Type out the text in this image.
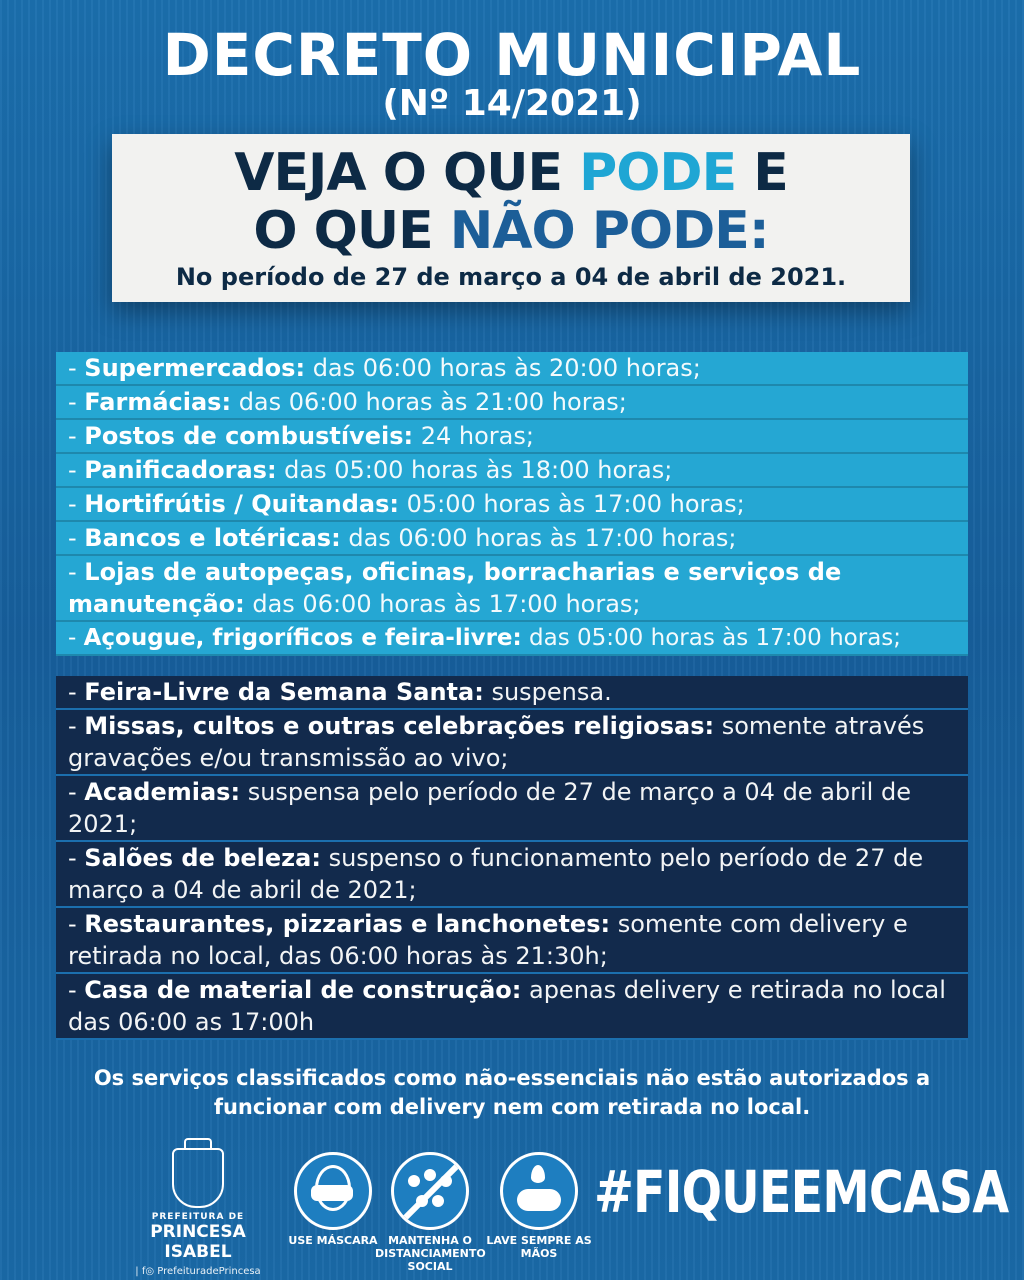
DECRETO MUNICIPAL
(Nº 14/2021)
VEJA O QUE PODE E
O QUE NÃO PODE:
No período de 27 de março a 04 de abril de 2021.
- Supermercados: das 06:00 horas às 20:00 horas;
- Farmácias: das 06:00 horas às 21:00 horas;
- Postos de combustíveis: 24 horas;
- Panificadoras: das 05:00 horas às 18:00 horas;
- Hortifrútis / Quitandas: 05:00 horas às 17:00 horas;
- Bancos e lotéricas: das 06:00 horas às 17:00 horas;
- Lojas de autopeças, oficinas, borracharias e serviços de manutenção: das 06:00 horas às 17:00 horas;
- Açougue, frigoríficos e feira-livre: das 05:00 horas às 17:00 horas;
- Feira-Livre da Semana Santa: suspensa.
- Missas, cultos e outras celebrações religiosas: somente através gravações e/ou transmissão ao vivo;
- Academias: suspensa pelo período de 27 de março a 04 de abril de 2021;
- Salões de beleza: suspenso o funcionamento pelo período de 27 de março a 04 de abril de 2021;
- Restaurantes, pizzarias e lanchonetes: somente com delivery e retirada no local, das 06:00 horas às 21:30h;
- Casa de material de construção: apenas delivery e retirada no local das 06:00 as 17:00h
Os serviços classificados como não-essenciais não estão autorizados a funcionar com delivery nem com retirada no local.
PREFEITURA DE
PRINCESA ISABEL
| f◎ PrefeituradePrincesa
USE MÁSCARA MANTENHA O DISTANCIAMENTO SOCIAL
LAVE SEMPRE AS MÃOS
#FIQUEEMCASA
